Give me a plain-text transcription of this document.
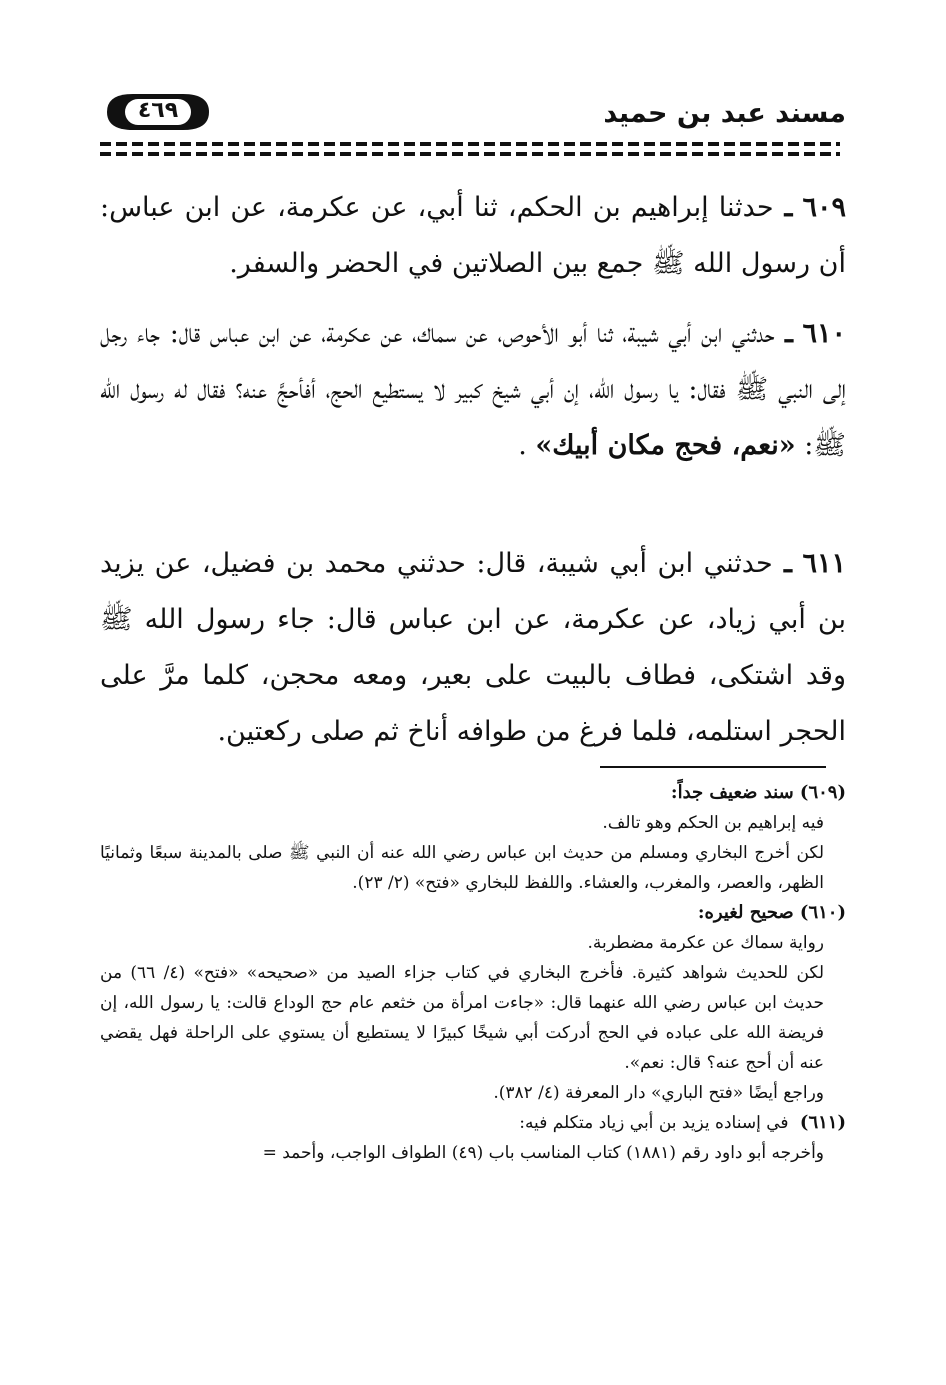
مسند عبد بن حميد
٤٦٩
٦٠٩ ـ حدثنا إبراهيم بن الحكم، ثنا أبي، عن عكرمة، عن ابن عباس: أن رسول الله ﷺ جمع بين الصلاتين في الحضر والسفر.
٦١٠ ـ حدثني ابن أبي شيبة، ثنا أبو الأحوص، عن سماك، عن عكرمة، عن ابن عباس قال: جاء رجل إلى النبي ﷺ فقال: يا رسول الله، إن أبي شيخ كبير لا يستطيع الحج، أفأحجَّ عنه؟ فقال له رسول الله ﷺ: «نعم، فحج مكان أبيك» .
٦١١ ـ حدثني ابن أبي شيبة، قال: حدثني محمد بن فضيل، عن يزيد بن أبي زياد، عن عكرمة، عن ابن عباس قال: جاء رسول الله ﷺ وقد اشتكى، فطاف بالبيت على بعير، ومعه محجن، كلما مرَّ على الحجر استلمه، فلما فرغ من طوافه أناخ ثم صلى ركعتين.
(٦٠٩) سند ضعيف جداً:
فيه إبراهيم بن الحكم وهو تالف.
لكن أخرج البخاري ومسلم من حديث ابن عباس رضي الله عنه أن النبي ﷺ صلى بالمدينة سبعًا وثمانيًا الظهر، والعصر، والمغرب، والعشاء. واللفظ للبخاري «فتح» (٢/ ٢٣).
(٦١٠) صحيح لغيره:
رواية سماك عن عكرمة مضطربة.
لكن للحديث شواهد كثيرة. فأخرج البخاري في كتاب جزاء الصيد من «صحيحه» «فتح» (٤/ ٦٦) من حديث ابن عباس رضي الله عنهما قال: «جاءت امرأة من خثعم عام حج الوداع قالت: يا رسول الله، إن فريضة الله على عباده في الحج أدركت أبي شيخًا كبيرًا لا يستطيع أن يستوي على الراحلة فهل يقضي عنه أن أحج عنه؟ قال: نعم».
وراجع أيضًا «فتح الباري» دار المعرفة (٤/ ٣٨٢).
(٦١١) في إسناده يزيد بن أبي زياد متكلم فيه:
وأخرجه أبو داود رقم (١٨٨١) كتاب المناسب باب (٤٩) الطواف الواجب، وأحمد =
